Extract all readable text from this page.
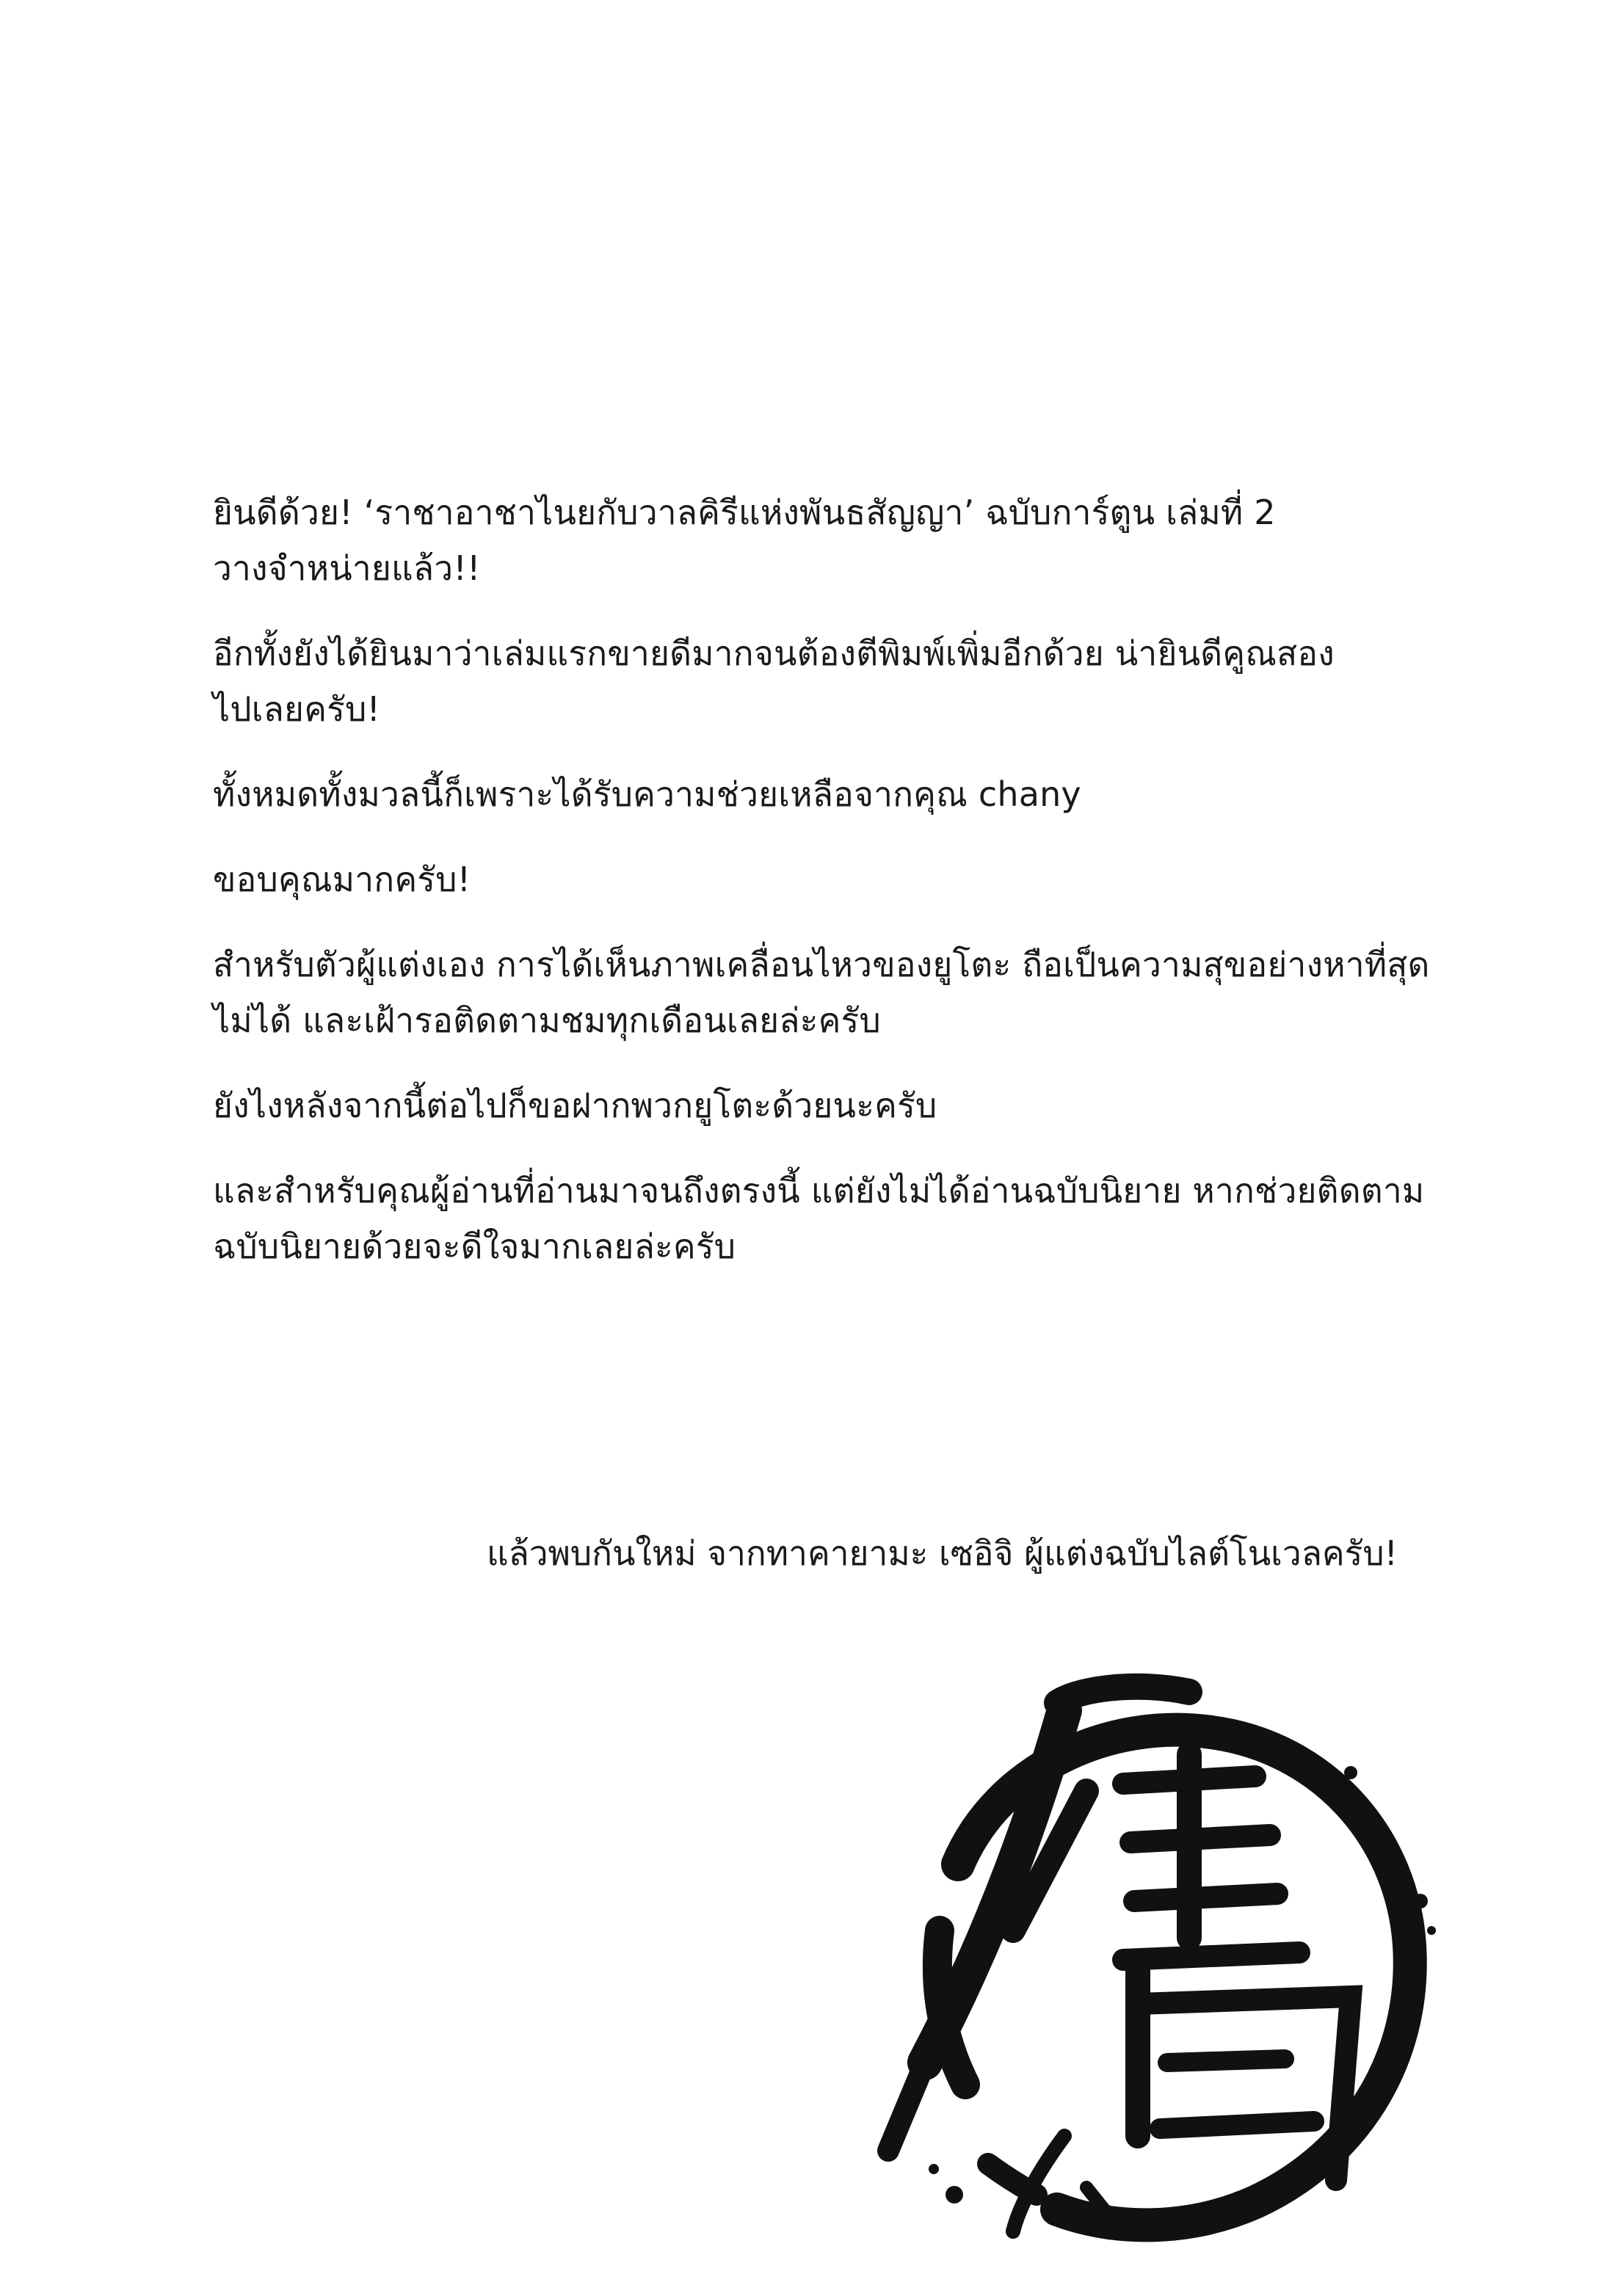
ยินดีด้วย! ‘ราชาอาชาไนยกับวาลคิรีแห่งพันธสัญญา’ ฉบับการ์ตูน เล่มที่ 2
วางจำหน่ายแล้ว!!

อีกทั้งยังได้ยินมาว่าเล่มแรกขายดีมากจนต้องตีพิมพ์เพิ่มอีกด้วย น่ายินดีคูณสอง
ไปเลยครับ!

ทั้งหมดทั้งมวลนี้ก็เพราะได้รับความช่วยเหลือจากคุณ chany

ขอบคุณมากครับ!

สำหรับตัวผู้แต่งเอง การได้เห็นภาพเคลื่อนไหวของยูโตะ ถือเป็นความสุขอย่างหาที่สุด
ไม่ได้ และเฝ้ารอติดตามชมทุกเดือนเลยล่ะครับ

ยังไงหลังจากนี้ต่อไปก็ขอฝากพวกยูโตะด้วยนะครับ

และสำหรับคุณผู้อ่านที่อ่านมาจนถึงตรงนี้ แต่ยังไม่ได้อ่านฉบับนิยาย หากช่วยติดตาม
ฉบับนิยายด้วยจะดีใจมากเลยล่ะครับ

แล้วพบกันใหม่ จากทาคายามะ เซอิจิ ผู้แต่งฉบับไลต์โนเวลครับ!
